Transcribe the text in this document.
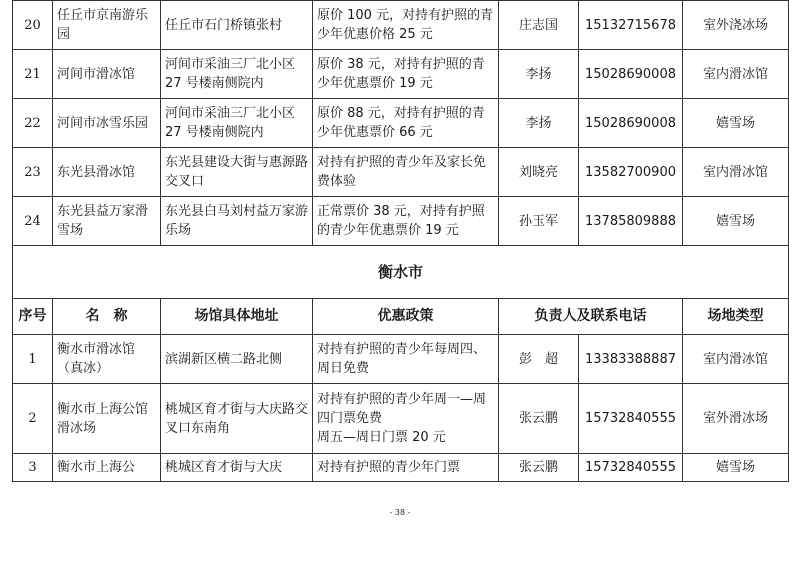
20	任丘市京南游乐园	任丘市石门桥镇张村	原价 100 元，对持有护照的青少年优惠价格 25 元	庄志国	15132715678	室外浇冰场
21	河间市滑冰馆	河间市采油三厂北小区 27 号楼南侧院内	原价 38 元，对持有护照的青少年优惠票价 19 元	李扬	15028690008	室内滑冰馆
22	河间市冰雪乐园	河间市采油三厂北小区 27 号楼南侧院内	原价 88 元，对持有护照的青少年优惠票价 66 元	李扬	15028690008	嬉雪场
23	东光县滑冰馆	东光县建设大街与惠源路交叉口	对持有护照的青少年及家长免费体验	刘晓亮	13582700900	室内滑冰馆
24	东光县益万家滑雪场	东光县白马刘村益万家游乐场	正常票价 38 元，对持有护照的青少年优惠票价 19 元	孙玉军	13785809888	嬉雪场
衡水市						
序号	名　称	场馆具体地址	优惠政策	负责人及联系电话		场地类型
1	衡水市滑冰馆（真冰）	滨湖新区横二路北侧	对持有护照的青少年每周四、周日免费	彭　超	13383388887	室内滑冰馆
2	衡水市上海公馆滑冰场	桃城区育才街与大庆路交叉口东南角	对持有护照的青少年周一—周四门票免费
周五—周日门票 20 元	张云鹏	15732840555	室外滑冰场
3	衡水市上海公	桃城区育才街与大庆	对持有护照的青少年门票	张云鹏	15732840555	嬉雪场
- 38 -
